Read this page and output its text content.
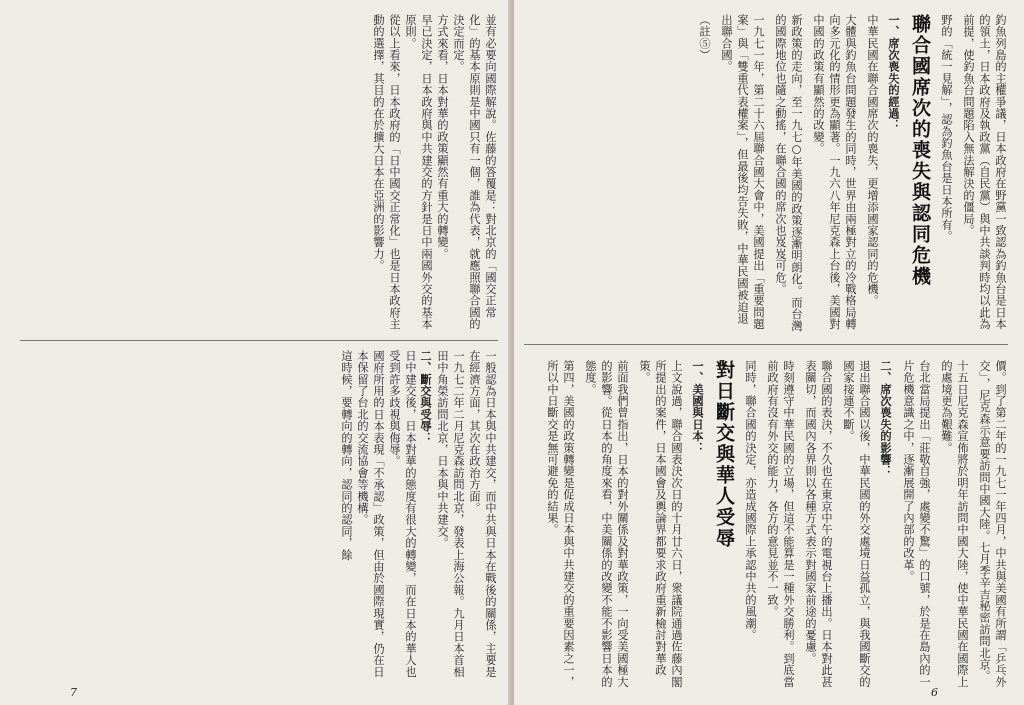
並有必要向國際解說。佐藤的答覆是：對北京的「國交正常化」的基本原則是中國只有一個，誰為代表，就應照聯合國的決定而定。
方式來看，日本對華的政策顯然有重大的轉變。
早已決定，日本政府與中共建交的方針是日中兩國外交的基本原則。
從以上看來，日本政府的「日中國交正常化」也是日本政府主動的選擇，其目的在於擴大日本在亞洲的影響力。
一般認為日本與中共建交，而中共與日本在戰後的關係，主要是在經濟方面，其次在政治方面。
一九七二年二月尼克森訪問北京，發表上海公報。九月日本首相田中角榮訪問北京，日本與中共建交。
二、斷交與受辱：
日中建交後，日本對華的態度有很大的轉變，而在日本的華人也受到許多歧視與侮辱。
國府所用的日本表現「不承認」政策，但由於國際現實，仍在日本保留了台北的交流協會等機構。
這時候，要轉向的轉向，認同的認同，餘
7
釣魚列島的主權爭議，日本政府在野黨一致認為釣魚台是日本的領土，日本政府及執政黨（自民黨）與中共談判時均以此為前提，使釣魚台問題陷入無法解決的僵局。
野的「統一見解」，認為釣魚台是日本所有。
聯合國席次的喪失與認同危機
一、席次喪失的經過：
中華民國在聯合國席次的喪失，更增添國家認同的危機。
大體與釣魚台問題發生的同時，世界由兩極對立的冷戰格局轉向多元化的情形更為顯著。一九六八年尼克森上台後，美國對中國的政策有顯然的改變。
新政策的走向，至一九七○年美國的政策逐漸明朗化。而台灣的國際地位也隨之動搖，在聯合國的席次也岌岌可危。
一九七一年，第二十六屆聯合國大會中，美國提出「重要問題案」與「雙重代表權案」，但最後均告失敗，中華民國被迫退出聯合國。
（註⑤）
價。到了第二年的一九七一年四月，中共與美國有所謂「乒乓外交」，尼克森示意要訪問中國大陸。七月季辛吉秘密訪問北京。
十五日尼克森宣佈將於明年訪問中國大陸，使中華民國在國際上的處境更為艱難。
台北當局提出「莊敬自強，處變不驚」的口號，於是在島內的一片危機意識之中，逐漸展開了內部的改革。
二、席次喪失的影響：
退出聯合國以後，中華民國的外交處境日益孤立，與我國斷交的國家接連不斷。
聯合國的表決，不久也在東京中午的電視台上播出。日本對此甚表關切，而國內各界則以各種方式表示對國家前途的憂慮。
時刻遵守中華民國的立場，但這不能算是一種外交勝利。到底當前政府有沒有外交的能力，各方的意見並不一致。
同時，聯合國的決定，亦造成國際上承認中共的風潮。
對日斷交與華人受辱
一、美國與日本：
上文說過，聯合國表決次日的十月廿六日，衆議院通過佐藤內閣所提出的案件，日本國會及輿論界都要求政府重新檢討對華政策。
前面我們曾指出，日本的對外關係及對華政策，一向受美國極大的影響。從日本的角度來看，中美關係的改變不能不影響日本的態度。
第四，美國的政策轉變是促成日本與中共建交的重要因素之一，所以中日斷交是無可避免的結果。
6
